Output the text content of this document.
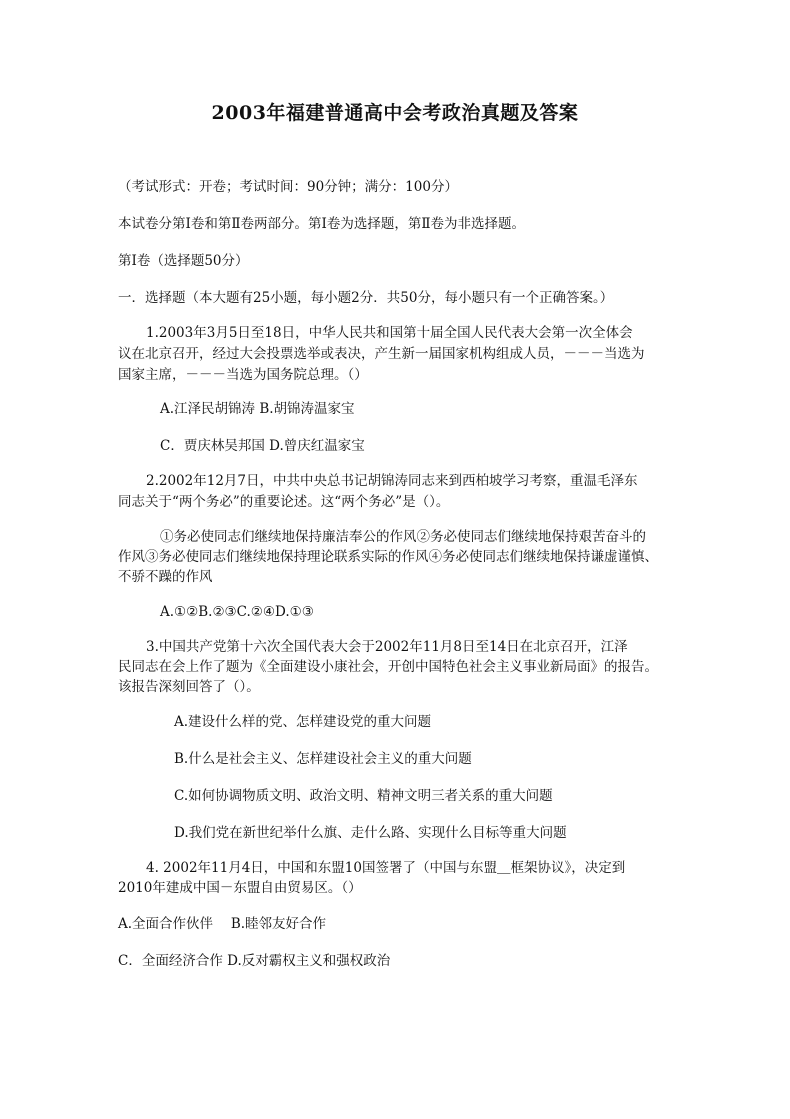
2003年福建普通高中会考政治真题及答案
（考试形式：开卷；考试时间：90分钟；满分：100分）
本试卷分第Ⅰ卷和第Ⅱ卷两部分。第Ⅰ卷为选择题，第Ⅱ卷为非选择题。
第Ⅰ卷（选择题50分）
一．选择题（本大题有25小题，每小题2分．共50分，每小题只有一个正确答案。）
1.2003年3月5日至18日，中华人民共和国第十届全国人民代表大会第一次全体会
议在北京召开，经过大会投票选举或表决，产生新一届国家机构组成人员，－－－当选为
国家主席，－－－当选为国务院总理。（）
A.江泽民胡锦涛 B.胡锦涛温家宝
C．贾庆林吴邦国 D.曾庆红温家宝
2.2002年12月7日，中共中央总书记胡锦涛同志来到西柏坡学习考察，重温毛泽东
同志关于“两个务必”的重要论述。这“两个务必”是（）。
①务必使同志们继续地保持廉洁奉公的作风②务必使同志们继续地保持艰苦奋斗的
作风③务必使同志们继续地保持理论联系实际的作风④务必使同志们继续地保持谦虚谨慎、
不骄不躁的作风
A.①②B.②③C.②④D.①③
3.中国共产党第十六次全国代表大会于2002年11月8日至14日在北京召开，江泽
民同志在会上作了题为《全面建设小康社会，开创中国特色社会主义事业新局面》的报告。
该报告深刻回答了（）。
A.建设什么样的党、怎样建设党的重大问题
B.什么是社会主义、怎样建设社会主义的重大问题
C.如何协调物质文明、政治文明、精神文明三者关系的重大问题
D.我们党在新世纪举什么旗、走什么路、实现什么目标等重大问题
4. 2002年11月4日，中国和东盟10国签署了（中国与东盟＿框架协议》，决定到
2010年建成中国－东盟自由贸易区。（）
A.全面合作伙伴　 B.睦邻友好合作
C．全面经济合作 D.反对霸权主义和强权政治
